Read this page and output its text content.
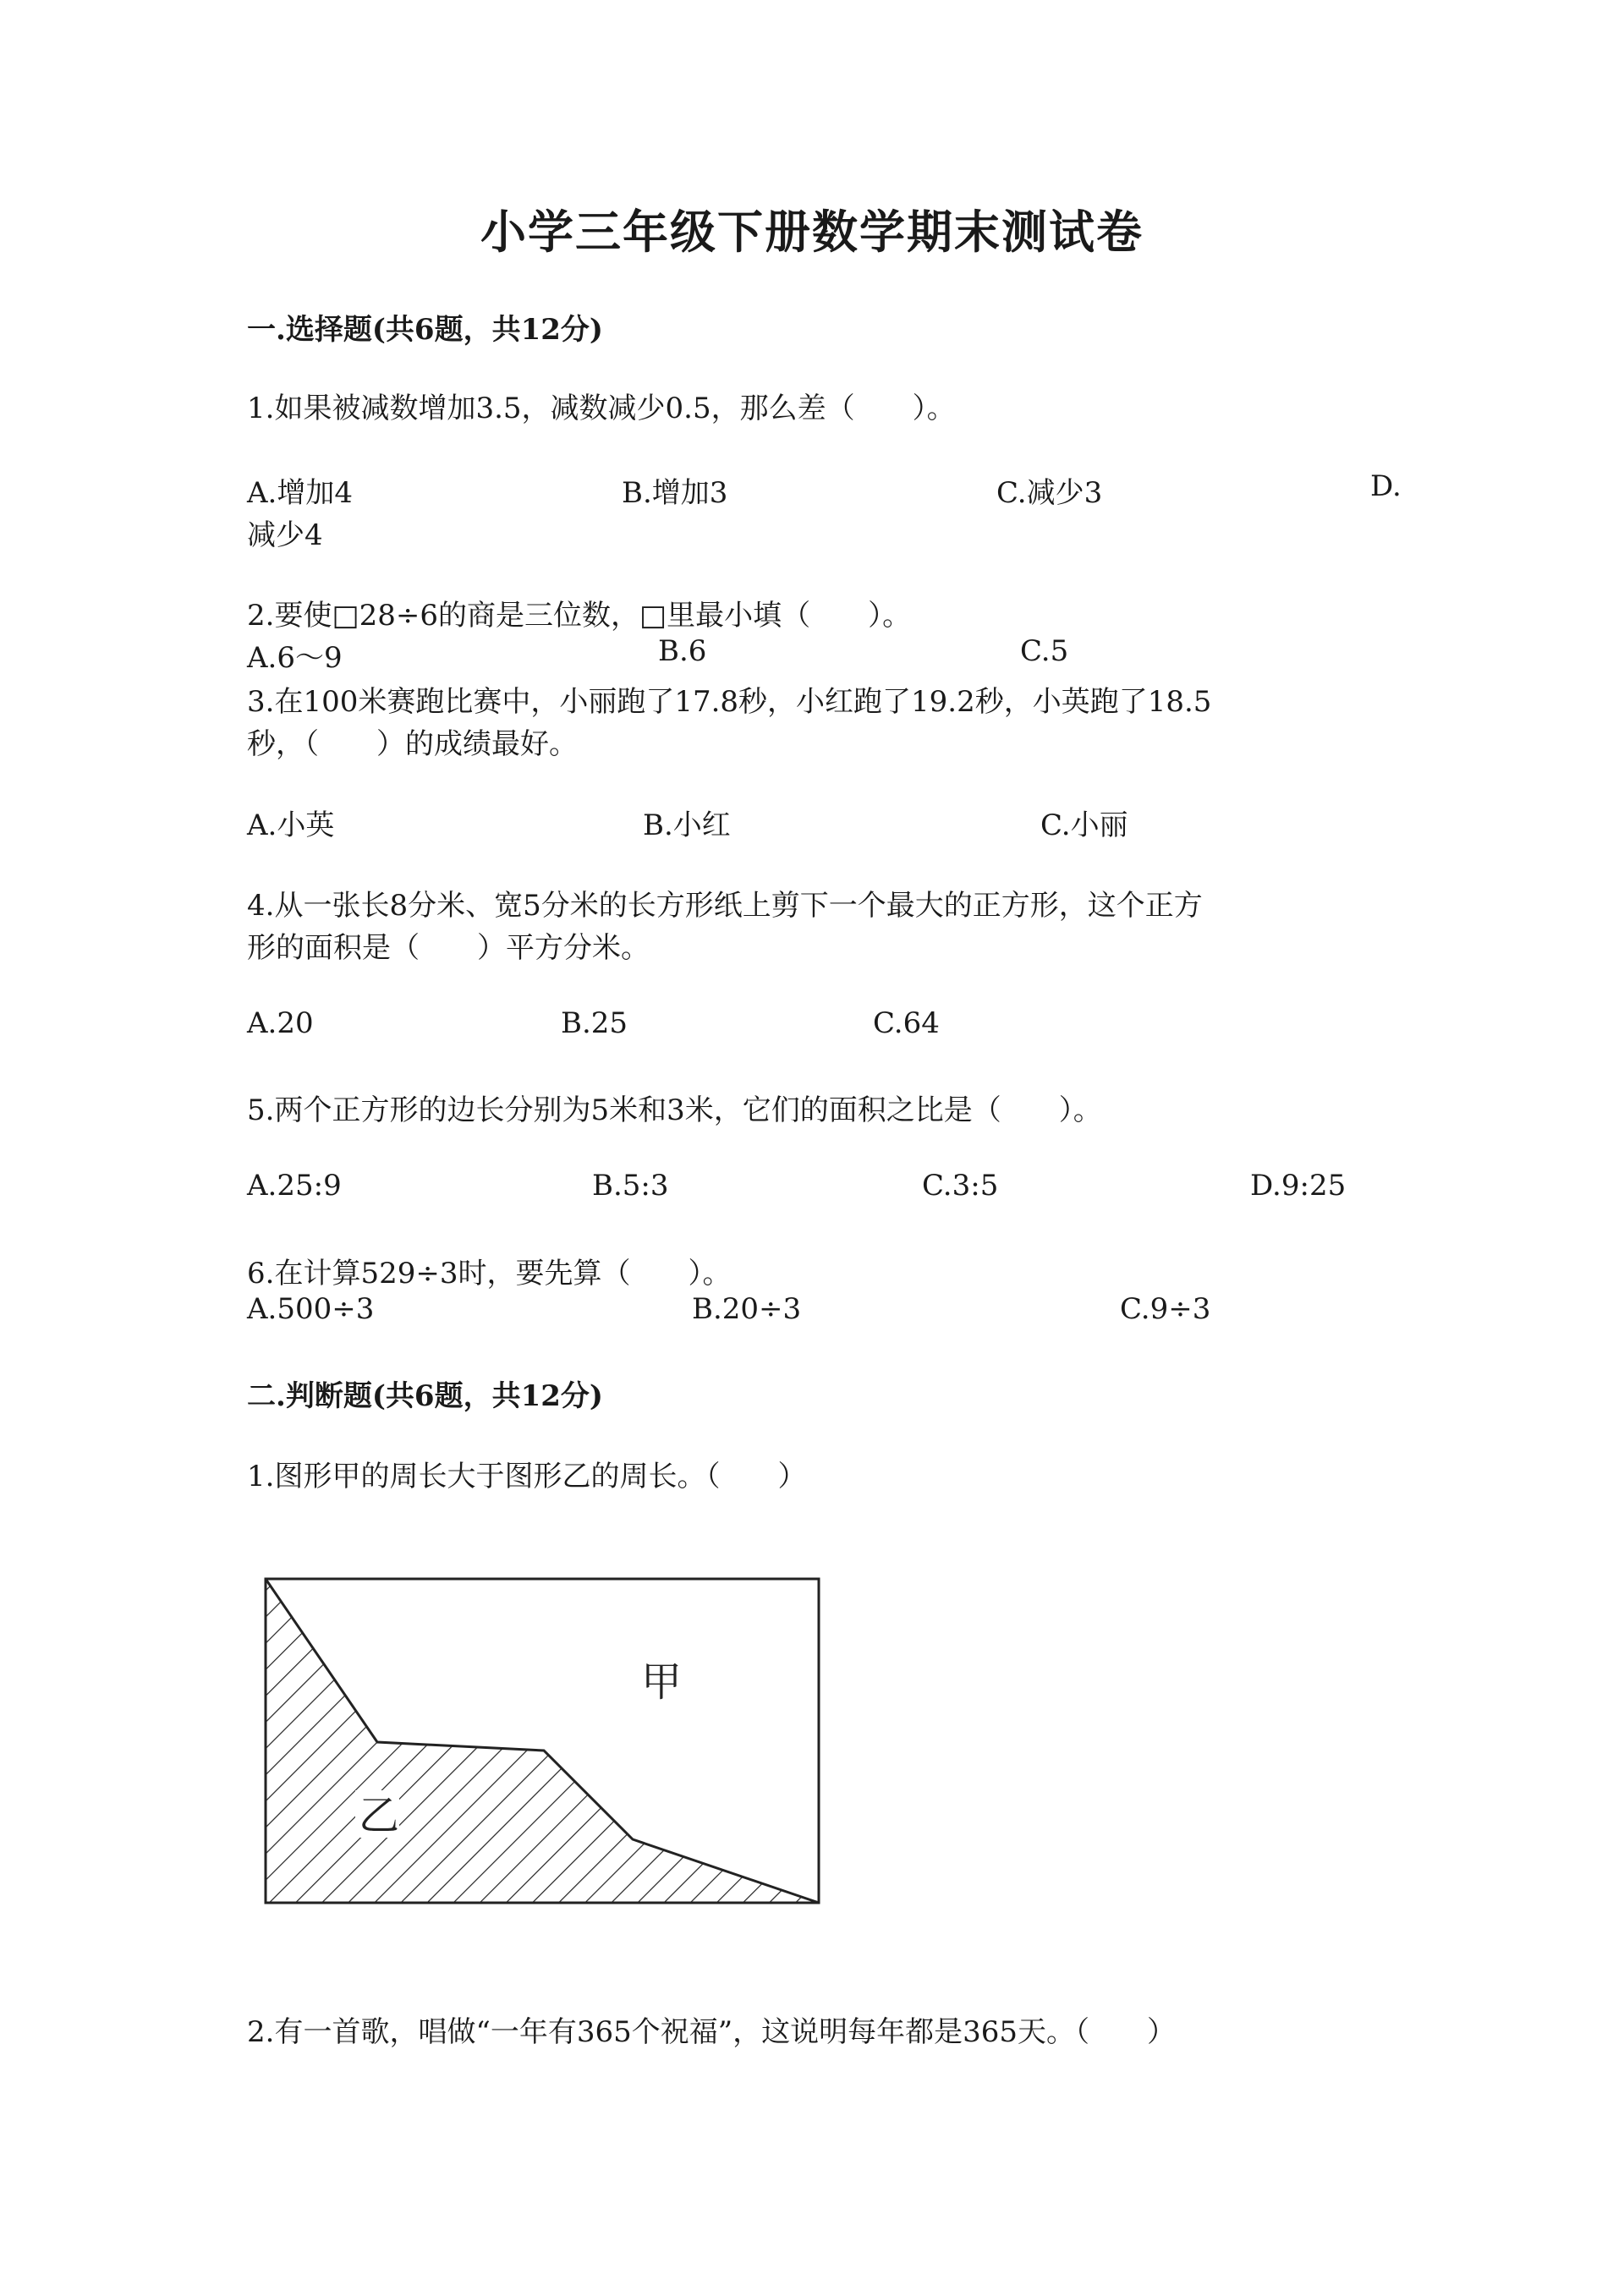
小学三年级下册数学期末测试卷
一.选择题(共6题，共12分)
1.如果被减数增加3.5，减数减少0.5，那么差（　　）。
A.增加4	B.增加3	C.减少3	D.
减少4
2.要使□28÷6的商是三位数，□里最小填（　　）。
A.6～9	B.6	C.5
3.在100米赛跑比赛中，小丽跑了17.8秒，小红跑了19.2秒，小英跑了18.5
秒，（　　）的成绩最好。
A.小英	B.小红	C.小丽
4.从一张长8分米、宽5分米的长方形纸上剪下一个最大的正方形，这个正方
形的面积是（　　）平方分米。
A.20	B.25	C.64
5.两个正方形的边长分别为5米和3米，它们的面积之比是（　　）。
A.25:9	B.5:3	C.3:5	D.9:25
6.在计算529÷3时，要先算（　　）。
A.500÷3	B.20÷3	C.9÷3
二.判断题(共6题，共12分)
1.图形甲的周长大于图形乙的周长。（　　）
甲
乙
2.有一首歌，唱做“一年有365个祝福”，这说明每年都是365天。（　　）
